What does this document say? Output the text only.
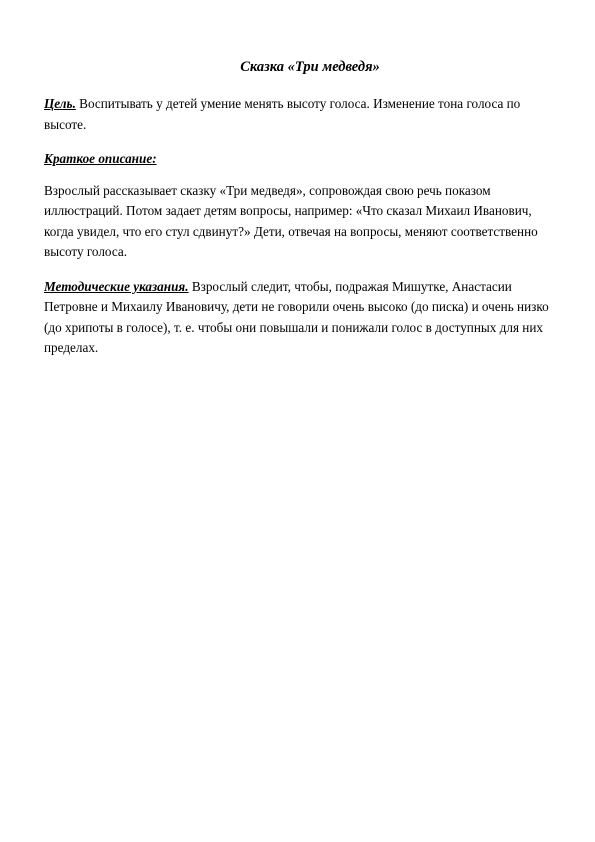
Сказка «Три медведя»

Цель. Воспитывать у детей умение менять высоту голоса. Изменение тона голоса по высоте.

Краткое описание:

Взрослый рассказывает сказку «Три медведя», сопровождая свою речь показом иллюстраций. Потом задает детям вопросы, например: «Что сказал Михаил Иванович, когда увидел, что его стул сдвинут?» Дети, отвечая на вопросы, меняют соответственно высоту голоса.

Методические указания. Взрослый следит, чтобы, подражая Мишутке, Анастасии Петровне и Михаилу Ивановичу, дети не говорили очень высоко (до писка) и очень низко (до хрипоты в голосе), т. е. чтобы они повышали и понижали голос в доступных для них пределах.
